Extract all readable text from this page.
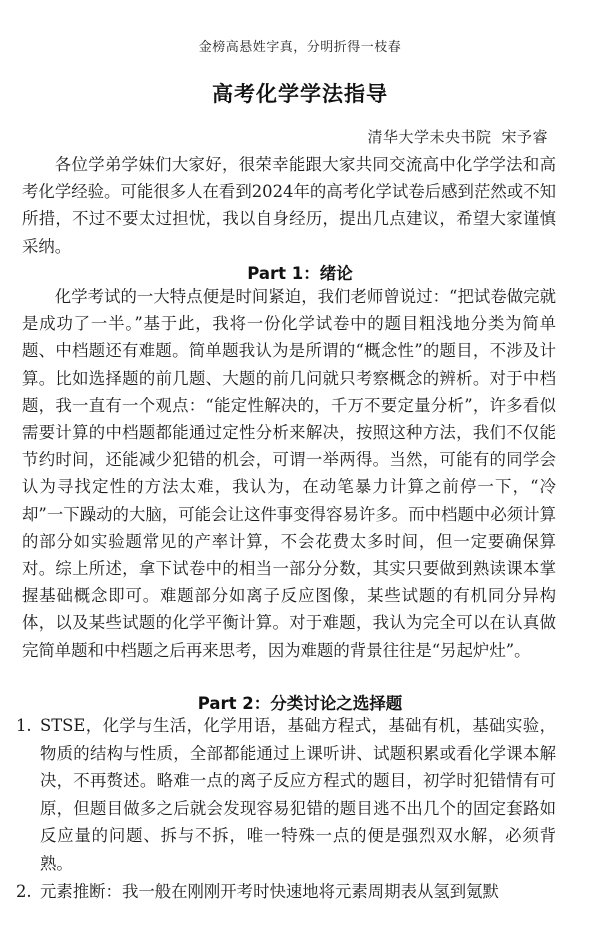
金榜高悬姓字真，分明折得一枝春
高考化学学法指导
清华大学未央书院 宋予睿

各位学弟学妹们大家好，很荣幸能跟大家共同交流高中化学学法和高考化学经验。可能很多人在看到2024年的高考化学试卷后感到茫然或不知所措，不过不要太过担忧，我以自身经历，提出几点建议，希望大家谨慎采纳。

Part 1：绪论

化学考试的一大特点便是时间紧迫，我们老师曾说过：“把试卷做完就是成功了一半。”基于此，我将一份化学试卷中的题目粗浅地分类为简单题、中档题还有难题。简单题我认为是所谓的“概念性”的题目，不涉及计算。比如选择题的前几题、大题的前几问就只考察概念的辨析。对于中档题，我一直有一个观点：“能定性解决的，千万不要定量分析”，许多看似需要计算的中档题都能通过定性分析来解决，按照这种方法，我们不仅能节约时间，还能减少犯错的机会，可谓一举两得。当然，可能有的同学会认为寻找定性的方法太难，我认为，在动笔暴力计算之前停一下，“冷却”一下躁动的大脑，可能会让这件事变得容易许多。而中档题中必须计算的部分如实验题常见的产率计算，不会花费太多时间，但一定要确保算对。综上所述，拿下试卷中的相当一部分分数，其实只要做到熟读课本掌握基础概念即可。难题部分如离子反应图像，某些试题的有机同分异构体，以及某些试题的化学平衡计算。对于难题，我认为完全可以在认真做完简单题和中档题之后再来思考，因为难题的背景往往是“另起炉灶”。

Part 2：分类讨论之选择题
1. STSE，化学与生活，化学用语，基础方程式，基础有机，基础实验，物质的结构与性质，全部都能通过上课听讲、试题积累或看化学课本解决，不再赘述。略难一点的离子反应方程式的题目，初学时犯错情有可原，但题目做多之后就会发现容易犯错的题目逃不出几个的固定套路如反应量的问题、拆与不拆，唯一特殊一点的便是强烈双水解，必须背熟。
2. 元素推断：我一般在刚刚开考时快速地将元素周期表从氢到氪默
